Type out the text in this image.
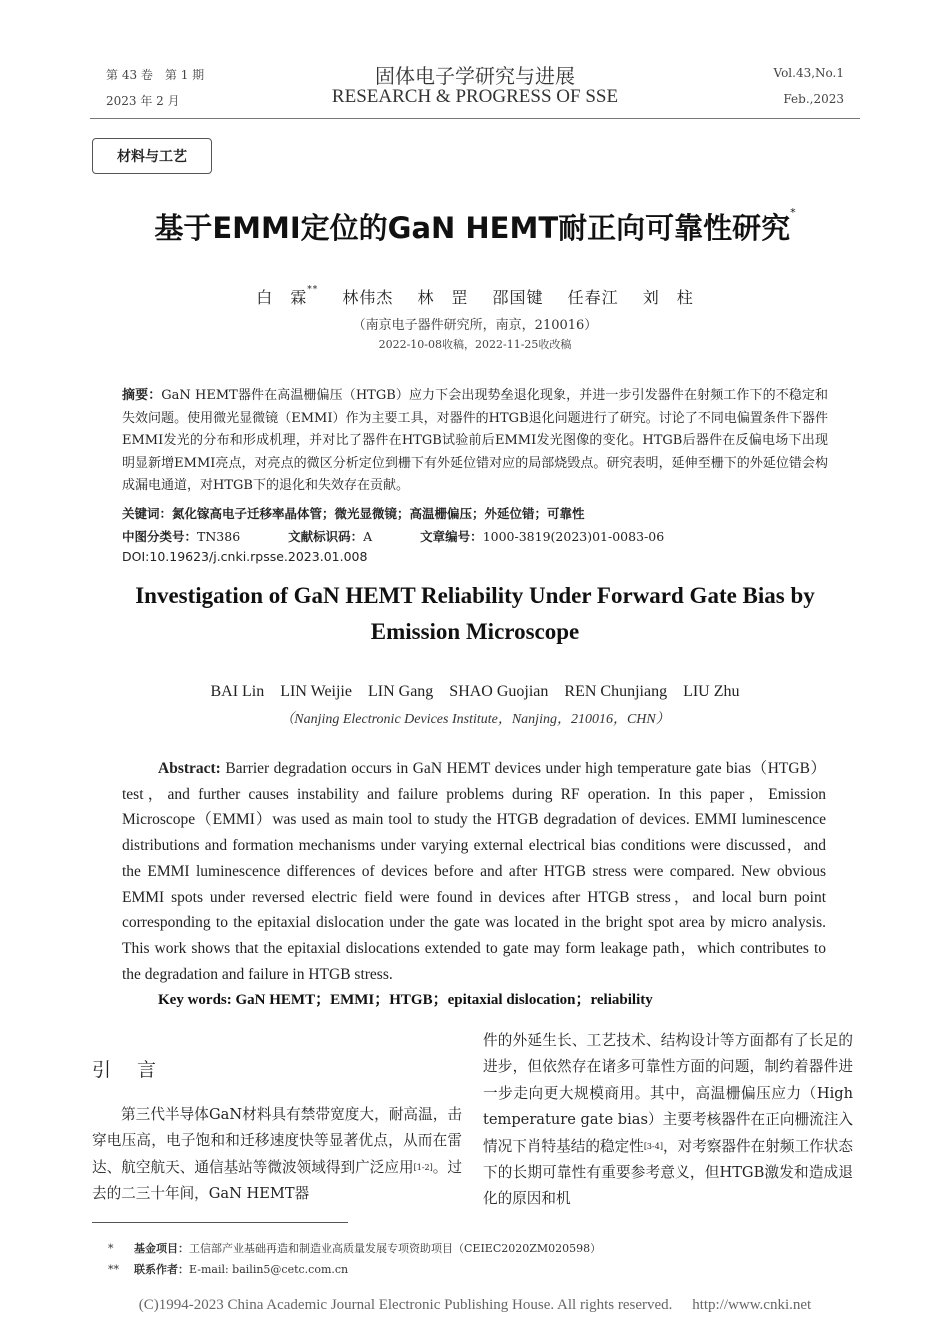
第 43 卷　第 1 期
2023 年 2 月
固体电子学研究与进展
RESEARCH & PROGRESS OF SSE
Vol.43,No.1
Feb.,2023
材料与工艺
基于EMMI定位的GaN HEMT耐正向可靠性研究*
白　霖** 林伟杰 林　罡 邵国键 任春江 刘　柱
（南京电子器件研究所，南京，210016）
2022-10-08收稿，2022-11-25收改稿
摘要：GaN HEMT器件在高温栅偏压（HTGB）应力下会出现势垒退化现象，并进一步引发器件在射频工作下的不稳定和失效问题。使用微光显微镜（EMMI）作为主要工具，对器件的HTGB退化问题进行了研究。讨论了不同电偏置条件下器件EMMI发光的分布和形成机理，并对比了器件在HTGB试验前后EMMI发光图像的变化。HTGB后器件在反偏电场下出现明显新增EMMI亮点，对亮点的微区分析定位到栅下有外延位错对应的局部烧毁点。研究表明，延伸至栅下的外延位错会构成漏电通道，对HTGB下的退化和失效存在贡献。
关键词：氮化镓高电子迁移率晶体管；微光显微镜；高温栅偏压；外延位错；可靠性
中图分类号：TN386	文献标识码：A	文章编号：1000-3819(2023)01-0083-06
DOI:10.19623/j.cnki.rpsse.2023.01.008
Investigation of GaN HEMT Reliability Under Forward Gate Bias by Emission Microscope
BAI Lin LIN Weijie LIN Gang SHAO Guojian REN Chunjiang LIU Zhu
（Nanjing Electronic Devices Institute，Nanjing，210016，CHN）

Abstract: Barrier degradation occurs in GaN HEMT devices under high temperature gate bias（HTGB）test，and further causes instability and failure problems during RF operation. In this paper，Emission Microscope（EMMI）was used as main tool to study the HTGB degradation of devices. EMMI luminescence distributions and formation mechanisms under varying external electrical bias conditions were discussed，and the EMMI luminescence differences of devices before and after HTGB stress were compared. New obvious EMMI spots under reversed electric field were found in devices after HTGB stress，and local burn point corresponding to the epitaxial dislocation under the gate was located in the bright spot area by micro analysis. This work shows that the epitaxial dislocations extended to gate may form leakage path，which contributes to the degradation and failure in HTGB stress.

Key words: GaN HEMT；EMMI；HTGB；epitaxial dislocation；reliability
引言

第三代半导体GaN材料具有禁带宽度大，耐高温，击穿电压高，电子饱和和迁移速度快等显著优点，从而在雷达、航空航天、通信基站等微波领域得到广泛应用[1-2]。过去的二三十年间，GaN HEMT器

件的外延生长、工艺技术、结构设计等方面都有了长足的进步，但依然存在诸多可靠性方面的问题，制约着器件进一步走向更大规模商用。其中，高温栅偏压应力（High temperature gate bias）主要考核器件在正向栅流注入情况下肖特基结的稳定性[3-4]，对考察器件在射频工作状态下的长期可靠性有重要参考意义，但HTGB激发和造成退化的原因和机

* 基金项目：工信部产业基础再造和制造业高质量发展专项资助项目（CEIEC2020ZM020598）
** 联系作者：E-mail: bailin5@cetc.com.cn
(C)1994-2023 China Academic Journal Electronic Publishing House. All rights reserved. http://www.cnki.net
